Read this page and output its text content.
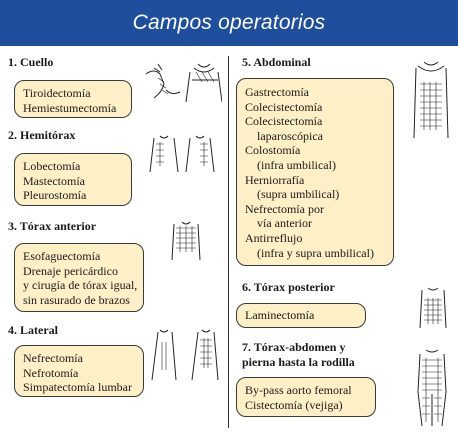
Campos operatorios
1. Cuello
Tiroidectomía
Hemiestumectomía
2. Hemitórax
Lobectomía
Mastectomía
Pleurostomía
3. Tórax anterior
Esofaguectomía
Drenaje pericárdico
y cirugía de tórax igual,
sin rasurado de brazos
4. Lateral
Nefrectomía
Nefrotomía
Simpatectomía lumbar
5. Abdominal
Gastrectomía
Colecistectomía
Colecistectomía
laparoscópica
Colostomía
(infra umbilical)
Herniorrafía
(supra umbilical)
Nefrectomía por
vía anterior
Antirreflujo
(infra y supra umbilical)
6. Tórax posterior
Laminectomía
7. Tórax-abdomen y
pierna hasta la rodilla
By-pass aorto femoral
Cistectomía (vejiga)
